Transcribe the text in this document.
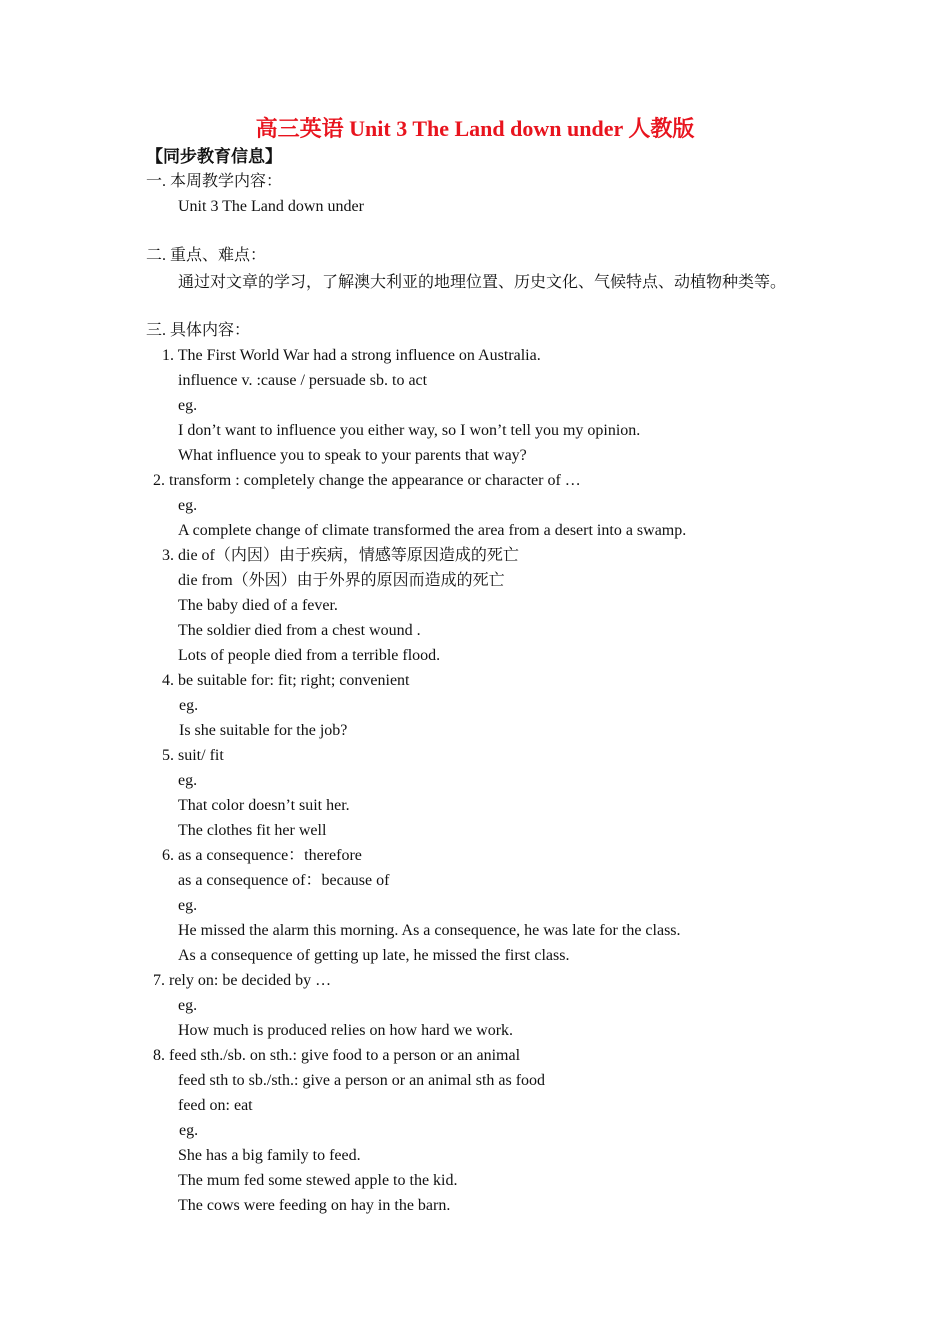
高三英语 Unit 3 The Land down under 人教版
【同步教育信息】
一. 本周教学内容：
Unit 3 The Land down under
二. 重点、难点：
通过对文章的学习，了解澳大利亚的地理位置、历史文化、气候特点、动植物种类等。
三. 具体内容：
1. The First World War had a strong influence on Australia.
influence v. :cause / persuade sb. to act
eg.
I don’t want to influence you either way, so I won’t tell you my opinion.
What influence you to speak to your parents that way?
2. transform : completely change the appearance or character of …
eg.
A complete change of climate transformed the area from a desert into a swamp.
3. die of（内因）由于疾病，情感等原因造成的死亡
die from（外因）由于外界的原因而造成的死亡
The baby died of a fever.
The soldier died from a chest wound .
Lots of people died from a terrible flood.
4. be suitable for: fit; right; convenient
eg.
Is she suitable for the job?
5. suit/ fit
eg.
That color doesn’t suit her.
The clothes fit her well
6. as a consequence：therefore
as a consequence of：because of
eg.
He missed the alarm this morning. As a consequence, he was late for the class.
As a consequence of getting up late, he missed the first class.
7. rely on: be decided by …
eg.
How much is produced relies on how hard we work.
8. feed sth./sb. on sth.: give food to a person or an animal
feed sth to sb./sth.: give a person or an animal sth as food
feed on: eat
eg.
She has a big family to feed.
The mum fed some stewed apple to the kid.
The cows were feeding on hay in the barn.
